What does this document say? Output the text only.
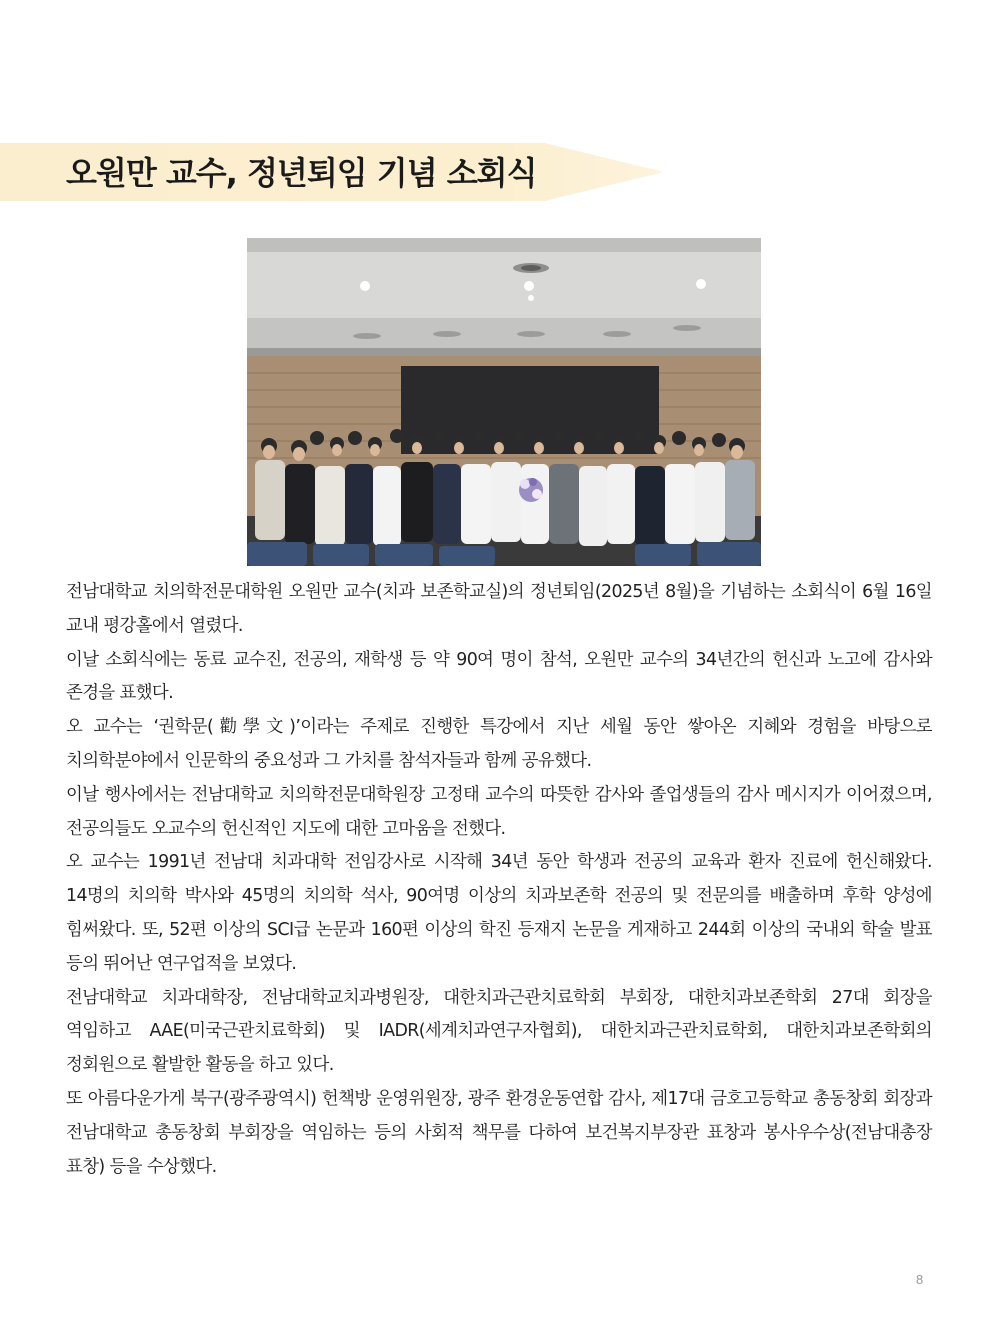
오원만 교수, 정년퇴임 기념 소회식

전남대학교 치의학전문대학원 오원만 교수(치과 보존학교실)의 정년퇴임(2025년 8월)을 기념하는 소회식이 6월 16일 교내 평강홀에서 열렸다.

이날 소회식에는 동료 교수진, 전공의, 재학생 등 약 90여 명이 참석, 오원만 교수의 34년간의 헌신과 노고에 감사와 존경을 표했다.

오 교수는 ‘권학문(勸學文)’이라는 주제로 진행한 특강에서 지난 세월 동안 쌓아온 지혜와 경험을 바탕으로 치의학분야에서 인문학의 중요성과 그 가치를 참석자들과 함께 공유했다.

이날 행사에서는 전남대학교 치의학전문대학원장 고정태 교수의 따뜻한 감사와 졸업생들의 감사 메시지가 이어졌으며, 전공의들도 오교수의 헌신적인 지도에 대한 고마움을 전했다.

오 교수는 1991년 전남대 치과대학 전임강사로 시작해 34년 동안 학생과 전공의 교육과 환자 진료에 헌신해왔다. 14명의 치의학 박사와 45명의 치의학 석사, 90여명 이상의 치과보존학 전공의 및 전문의를 배출하며 후학 양성에 힘써왔다. 또, 52편 이상의 SCI급 논문과 160편 이상의 학진 등재지 논문을 게재하고 244회 이상의 국내외 학술 발표 등의 뛰어난 연구업적을 보였다.

전남대학교 치과대학장, 전남대학교치과병원장, 대한치과근관치료학회 부회장, 대한치과보존학회 27대 회장을 역임하고 AAE(미국근관치료학회) 및 IADR(세계치과연구자협회), 대한치과근관치료학회, 대한치과보존학회의 정회원으로 활발한 활동을 하고 있다.

또 아름다운가게 북구(광주광역시) 헌책방 운영위원장, 광주 환경운동연합 감사, 제17대 금호고등학교 총동창회 회장과 전남대학교 총동창회 부회장을 역임하는 등의 사회적 책무를 다하여 보건복지부장관 표창과 봉사우수상(전남대총장 표창) 등을 수상했다.

8
